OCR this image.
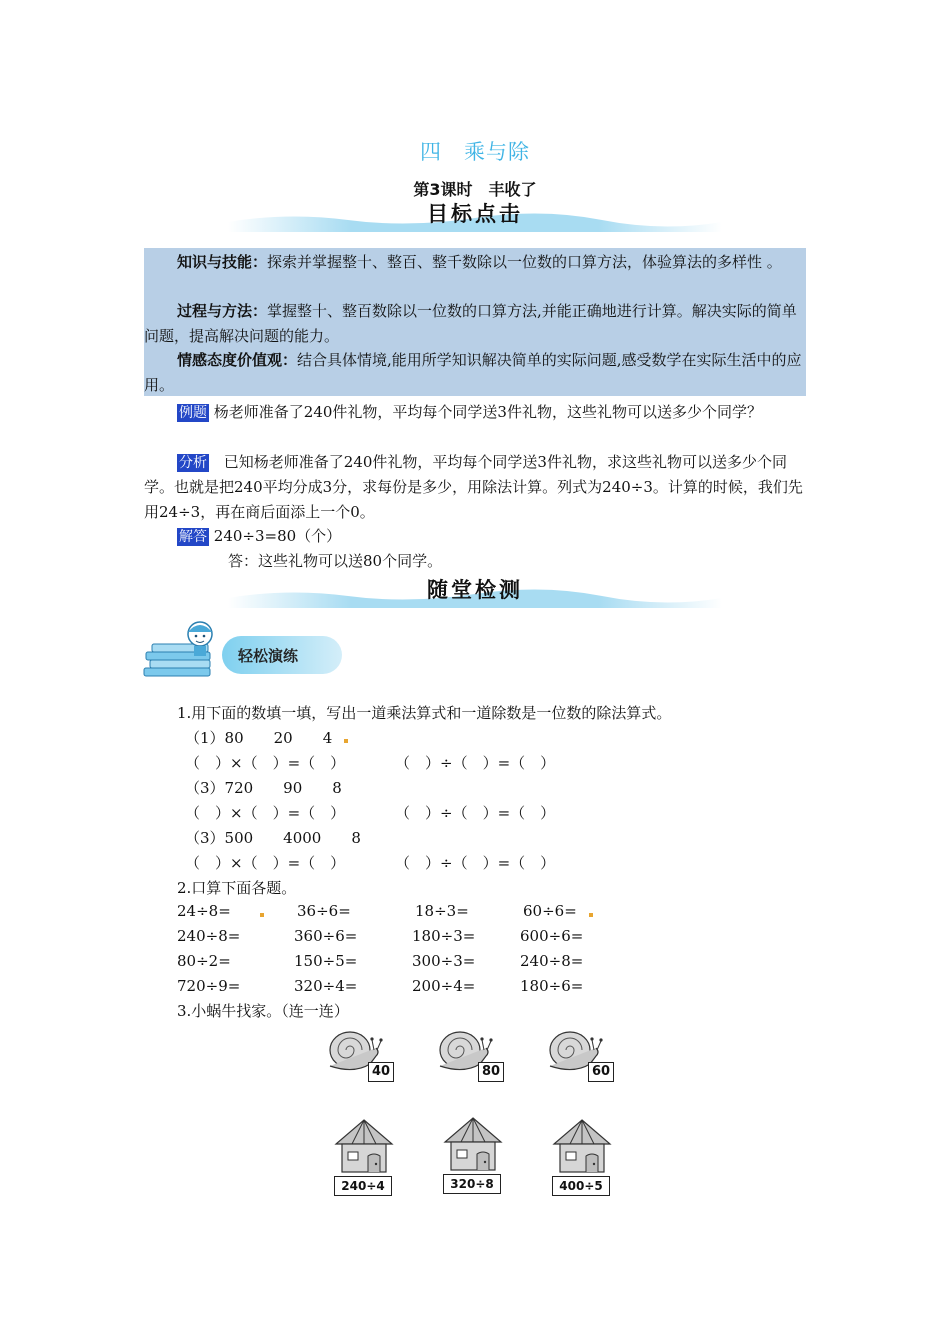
四　乘与除
第3课时　丰收了
目标点击
知识与技能：探索并掌握整十、整百、整千数除以一位数的口算方法，体验算法的多样性 。
过程与方法：掌握整十、整百数除以一位数的口算方法,并能正确地进行计算。解决实际的简单问题，提高解决问题的能力。
情感态度价值观：结合具体情境,能用所学知识解决简单的实际问题,感受数学在实际生活中的应用。
例题 杨老师准备了240件礼物，平均每个同学送3件礼物，这些礼物可以送多少个同学？
分析 已知杨老师准备了240件礼物，平均每个同学送3件礼物，求这些礼物可以送多少个同学。也就是把240平均分成3分，求每份是多少，用除法计算。列式为240÷3。计算的时候，我们先用24÷3，再在商后面添上一个0。
解答 240÷3=80（个）
答：这些礼物可以送80个同学。
随堂检测
轻松演练
1.用下面的数填一填，写出一道乘法算式和一道除数是一位数的除法算式。
（1）80　　20　　4
（　）×（　）=（　）	（　）÷（　）=（　）
（3）720　　90　　8
（　）×（　）=（　）	（　）÷（　）=（　）
（3）500　　4000　　8
（　）×（　）=（　）	（　）÷（　）=（　）
2.口算下面各题。
24÷8=	36÷6=	18÷3=	60÷6=
240÷8=	360÷6=	180÷3=	600÷6=
80÷2=	150÷5=	300÷3=	240÷8=
720÷9=	320÷4=	200÷4=	180÷6=
3.小蜗牛找家。（连一连）
40	80	60
240÷4	320÷8	400÷5
